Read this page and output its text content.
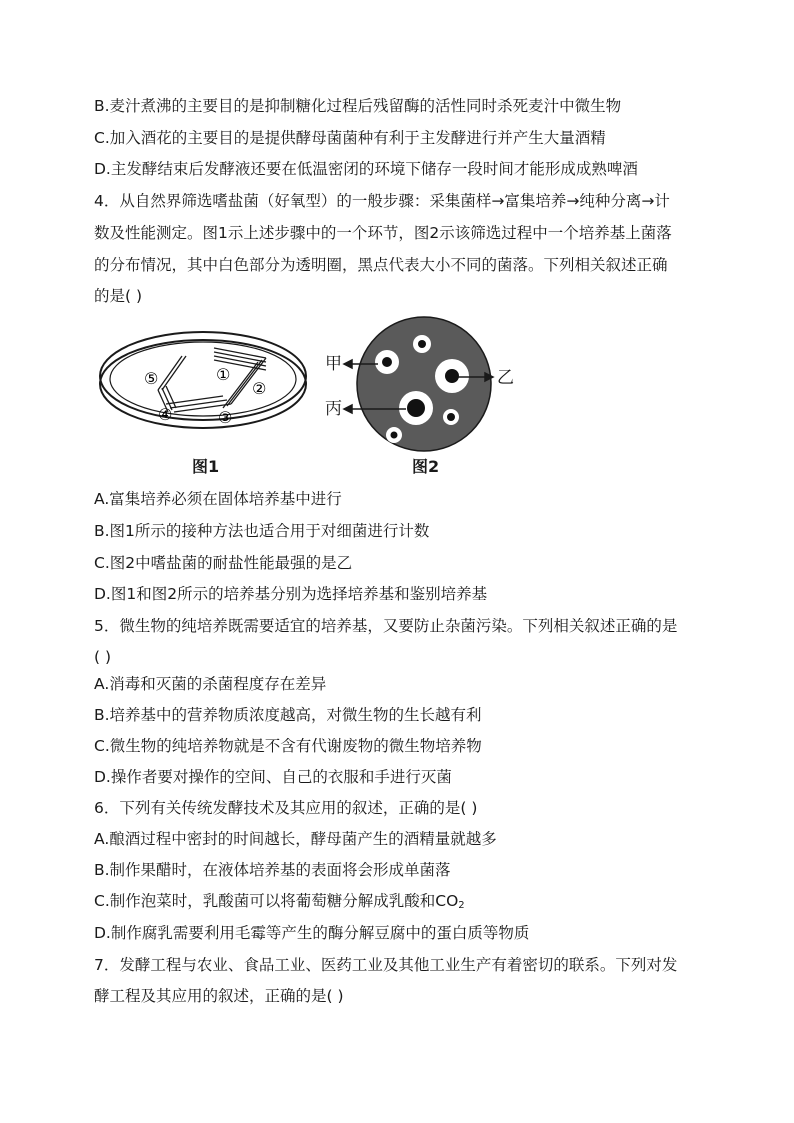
B.麦汁煮沸的主要目的是抑制糖化过程后残留酶的活性同时杀死麦汁中微生物
C.加入酒花的主要目的是提供酵母菌菌种有利于主发酵进行并产生大量酒精
D.主发酵结束后发酵液还要在低温密闭的环境下储存一段时间才能形成成熟啤酒
4．从自然界筛选嗜盐菌（好氧型）的一般步骤：采集菌样→富集培养→纯种分离→计
数及性能测定。图1示上述步骤中的一个环节，图2示该筛选过程中一个培养基上菌落
的分布情况，其中白色部分为透明圈，黑点代表大小不同的菌落。下列相关叙述正确
的是( )
⑤	①
②
③
④
图1
甲
乙
丙
图2
A.富集培养必须在固体培养基中进行
B.图1所示的接种方法也适合用于对细菌进行计数
C.图2中嗜盐菌的耐盐性能最强的是乙
D.图1和图2所示的培养基分别为选择培养基和鉴别培养基
5．微生物的纯培养既需要适宜的培养基，又要防止杂菌污染。下列相关叙述正确的是
( )
A.消毒和灭菌的杀菌程度存在差异
B.培养基中的营养物质浓度越高，对微生物的生长越有利
C.微生物的纯培养物就是不含有代谢废物的微生物培养物
D.操作者要对操作的空间、自己的衣服和手进行灭菌
6．下列有关传统发酵技术及其应用的叙述，正确的是( )
A.酿酒过程中密封的时间越长，酵母菌产生的酒精量就越多
B.制作果醋时，在液体培养基的表面将会形成单菌落
C.制作泡菜时，乳酸菌可以将葡萄糖分解成乳酸和$CO_2$
D.制作腐乳需要利用毛霉等产生的酶分解豆腐中的蛋白质等物质
7．发酵工程与农业、食品工业、医药工业及其他工业生产有着密切的联系。下列对发
酵工程及其应用的叙述，正确的是( )
